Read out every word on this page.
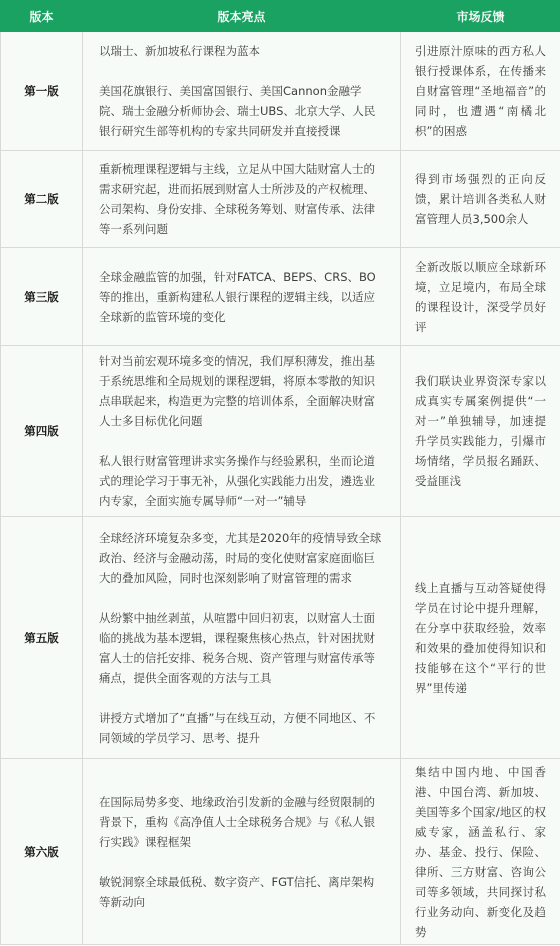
版本	版本亮点	市场反馈
第一版	以瑞士、新加坡私行课程为蓝本

美国花旗银行、美国富国银行、美国Cannon金融学院、瑞士金融分析师协会、瑞士UBS、北京大学、人民银行研究生部等机构的专家共同研发并直接授课	引进原汁原味的西方私人银行授课体系，在传播来自财富管理“圣地福音”的同时，也遭遇“南橘北枳”的困惑
第二版	重新梳理课程逻辑与主线，立足从中国大陆财富人士的需求研究起，进而拓展到财富人士所涉及的产权梳理、公司架构、身份安排、全球税务筹划、财富传承、法律等一系列问题	得到市场强烈的正向反馈，累计培训各类私人财富管理人员3,500余人
第三版	全球金融监管的加强，针对FATCA、BEPS、CRS、BO等的推出，重新构建私人银行课程的逻辑主线，以适应全球新的监管环境的变化	全新改版以顺应全球新环境，立足境内，布局全球的课程设计，深受学员好评
第四版	针对当前宏观环境多变的情况，我们厚积薄发，推出基于系统思维和全局规划的课程逻辑，将原本零散的知识点串联起来，构造更为完整的培训体系，全面解决财富人士多目标优化问题

私人银行财富管理讲求实务操作与经验累积，坐而论道式的理论学习于事无补，从强化实践能力出发，遴选业内专家，全面实施专属导师“一对一”辅导	我们联诀业界资深专家以成真实专属案例提供“一对一”单独辅导，加速提升学员实践能力，引爆市场情绪，学员报名踊跃、受益匪浅
第五版	全球经济环境复杂多变，尤其是2020年的疫情导致全球政治、经济与金融动荡，时局的变化使财富家庭面临巨大的叠加风险，同时也深刻影响了财富管理的需求

从纷繁中抽丝剥茧，从喧嚣中回归初衷，以财富人士面临的挑战为基本逻辑，课程聚焦核心热点，针对困扰财富人士的信托安排、税务合规、资产管理与财富传承等痛点，提供全面客观的方法与工具

讲授方式增加了“直播”与在线互动，方便不同地区、不同领域的学员学习、思考、提升	线上直播与互动答疑使得学员在讨论中提升理解，在分享中获取经验，效率和效果的叠加使得知识和技能够在这个“平行的世界”里传递
第六版	在国际局势多变、地缘政治引发新的金融与经贸限制的背景下，重构《高净值人士全球税务合规》与《私人银行实践》课程框架

敏锐洞察全球最低税、数字资产、FGT信托、离岸架构等新动向	集结中国内地、中国香港、中国台湾、新加坡、美国等多个国家/地区的权威专家，涵盖私行、家办、基金、投行、保险、律所、三方财富、咨询公司等多领域，共同探讨私行业务动向、新变化及趋势
